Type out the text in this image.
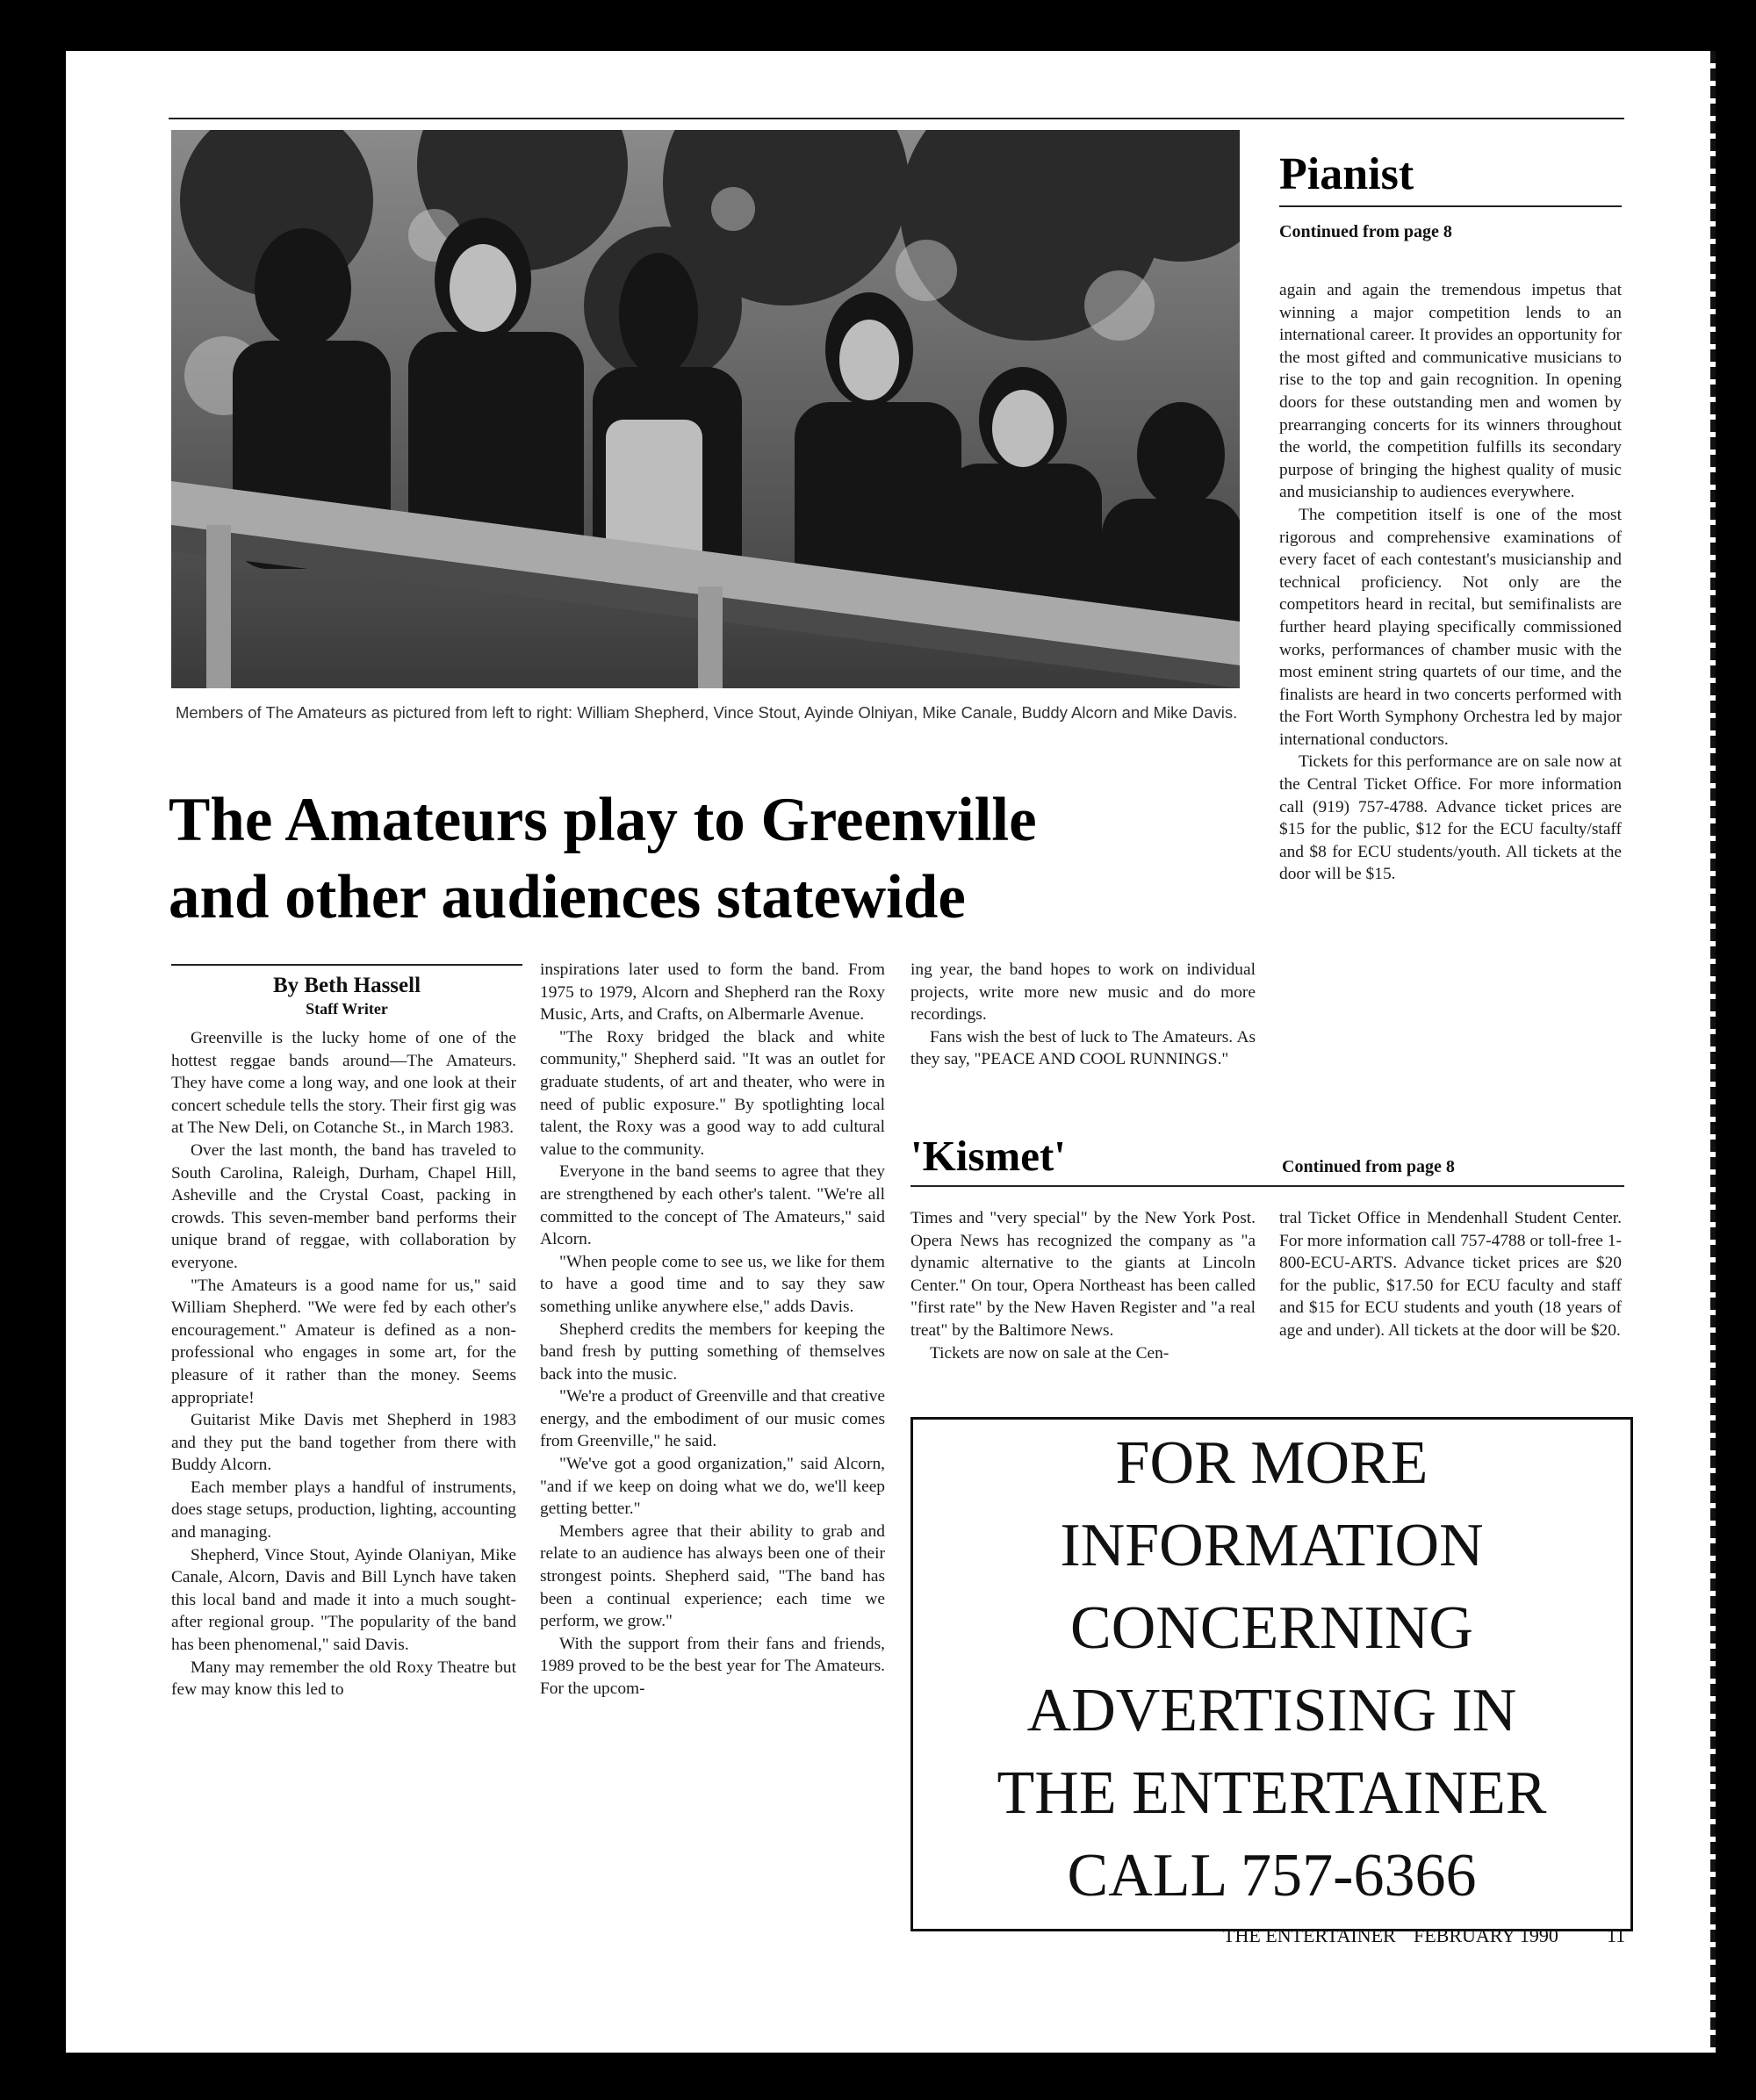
Members of The Amateurs as pictured from left to right: William Shepherd, Vince Stout, Ayinde Olniyan, Mike Canale, Buddy Alcorn and Mike Davis.
The Amateurs play to Greenville
and other audiences statewide
By Beth Hassell
Staff Writer

Greenville is the lucky home of one of the hottest reggae bands around—The Amateurs. They have come a long way, and one look at their concert schedule tells the story. Their first gig was at The New Deli, on Cotanche St., in March 1983.

Over the last month, the band has traveled to South Carolina, Raleigh, Durham, Chapel Hill, Asheville and the Crystal Coast, packing in crowds. This seven-member band performs their unique brand of reggae, with collaboration by everyone.

"The Amateurs is a good name for us," said William Shepherd. "We were fed by each other's encouragement." Amateur is defined as a non-professional who engages in some art, for the pleasure of it rather than the money. Seems appropriate!

Guitarist Mike Davis met Shepherd in 1983 and they put the band together from there with Buddy Alcorn.

Each member plays a handful of instruments, does stage setups, production, lighting, accounting and managing.

Shepherd, Vince Stout, Ayinde Olaniyan, Mike Canale, Alcorn, Davis and Bill Lynch have taken this local band and made it into a much sought-after regional group. "The popularity of the band has been phenomenal," said Davis.

Many may remember the old Roxy Theatre but few may know this led to

inspirations later used to form the band. From 1975 to 1979, Alcorn and Shepherd ran the Roxy Music, Arts, and Crafts, on Albermarle Avenue.

"The Roxy bridged the black and white community," Shepherd said. "It was an outlet for graduate students, of art and theater, who were in need of public exposure." By spotlighting local talent, the Roxy was a good way to add cultural value to the community.

Everyone in the band seems to agree that they are strengthened by each other's talent. "We're all committed to the concept of The Amateurs," said Alcorn.

"When people come to see us, we like for them to have a good time and to say they saw something unlike anywhere else," adds Davis.

Shepherd credits the members for keeping the band fresh by putting something of themselves back into the music.

"We're a product of Greenville and that creative energy, and the embodiment of our music comes from Greenville," he said.

"We've got a good organization," said Alcorn, "and if we keep on doing what we do, we'll keep getting better."

Members agree that their ability to grab and relate to an audience has always been one of their strongest points. Shepherd said, "The band has been a continual experience; each time we perform, we grow."

With the support from their fans and friends, 1989 proved to be the best year for The Amateurs. For the upcom-

ing year, the band hopes to work on individual projects, write more new music and do more recordings.

Fans wish the best of luck to The Amateurs. As they say, "PEACE AND COOL RUNNINGS."

Pianist
Continued from page 8

again and again the tremendous impetus that winning a major competition lends to an international career. It provides an opportunity for the most gifted and communicative musicians to rise to the top and gain recognition. In opening doors for these outstanding men and women by prearranging concerts for its winners throughout the world, the competition fulfills its secondary purpose of bringing the highest quality of music and musicianship to audiences everywhere.

The competition itself is one of the most rigorous and comprehensive examinations of every facet of each contestant's musicianship and technical proficiency. Not only are the competitors heard in recital, but semifinalists are further heard playing specifically commissioned works, performances of chamber music with the most eminent string quartets of our time, and the finalists are heard in two concerts performed with the Fort Worth Symphony Orchestra led by major international conductors.

Tickets for this performance are on sale now at the Central Ticket Office. For more information call (919) 757-4788. Advance ticket prices are $15 for the public, $12 for the ECU faculty/staff and $8 for ECU students/youth. All tickets at the door will be $15.

'Kismet'	Continued from page 8

Times and "very special" by the New York Post. Opera News has recognized the company as "a dynamic alternative to the giants at Lincoln Center." On tour, Opera Northeast has been called "first rate" by the New Haven Register and "a real treat" by the Baltimore News.

Tickets are now on sale at the Cen-

tral Ticket Office in Mendenhall Student Center. For more information call 757-4788 or toll-free 1-800-ECU-ARTS. Advance ticket prices are $20 for the public, $17.50 for ECU faculty and staff and $15 for ECU students and youth (18 years of age and under). All tickets at the door will be $20.

FOR MORE
INFORMATION
CONCERNING
ADVERTISING IN
THE ENTERTAINER
CALL 757-6366
THE ENTERTAINER FEBRUARY 1990	11
